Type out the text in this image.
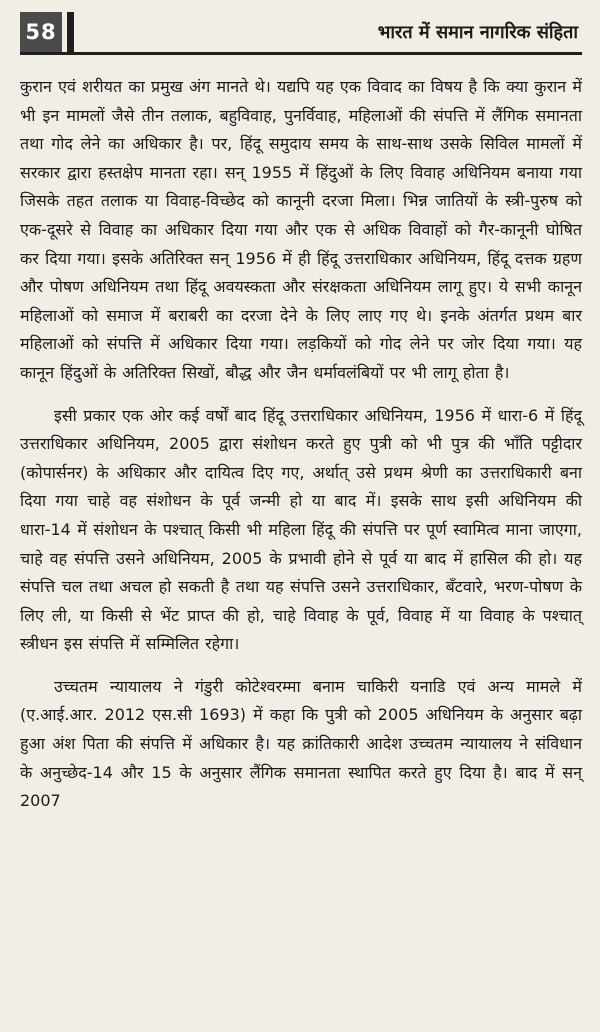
58	भारत में समान नागरिक संहिता

कुरान एवं शरीयत का प्रमुख अंग मानते थे। यद्यपि यह एक विवाद का विषय है कि क्या कुरान में भी इन मामलों जैसे तीन तलाक, बहुविवाह, पुनर्विवाह, महिलाओं की संपत्ति में लैंगिक समानता तथा गोद लेने का अधिकार है। पर, हिंदू समुदाय समय के साथ-साथ उसके सिविल मामलों में सरकार द्वारा हस्तक्षेप मानता रहा। सन् 1955 में हिंदुओं के लिए विवाह अधिनियम बनाया गया जिसके तहत तलाक या विवाह-विच्छेद को कानूनी दरजा मिला। भिन्न जातियों के स्त्री-पुरुष को एक-दूसरे से विवाह का अधिकार दिया गया और एक से अधिक विवाहों को गैर-कानूनी घोषित कर दिया गया। इसके अतिरिक्त सन् 1956 में ही हिंदू उत्तराधिकार अधिनियम, हिंदू दत्तक ग्रहण और पोषण अधिनियम तथा हिंदू अवयस्कता और संरक्षकता अधिनियम लागू हुए। ये सभी कानून महिलाओं को समाज में बराबरी का दरजा देने के लिए लाए गए थे। इनके अंतर्गत प्रथम बार महिलाओं को संपत्ति में अधिकार दिया गया। लड़कियों को गोद लेने पर जोर दिया गया। यह कानून हिंदुओं के अतिरिक्त सिखों, बौद्ध और जैन धर्मावलंबियों पर भी लागू होता है।

इसी प्रकार एक ओर कई वर्षों बाद हिंदू उत्तराधिकार अधिनियम, 1956 में धारा-6 में हिंदू उत्तराधिकार अधिनियम, 2005 द्वारा संशोधन करते हुए पुत्री को भी पुत्र की भाँति पट्टीदार (कोपार्सनर) के अधिकार और दायित्व दिए गए, अर्थात् उसे प्रथम श्रेणी का उत्तराधिकारी बना दिया गया चाहे वह संशोधन के पूर्व जन्मी हो या बाद में। इसके साथ इसी अधिनियम की धारा-14 में संशोधन के पश्चात् किसी भी महिला हिंदू की संपत्ति पर पूर्ण स्वामित्व माना जाएगा, चाहे वह संपत्ति उसने अधिनियम, 2005 के प्रभावी होने से पूर्व या बाद में हासिल की हो। यह संपत्ति चल तथा अचल हो सकती है तथा यह संपत्ति उसने उत्तराधिकार, बँटवारे, भरण-पोषण के लिए ली, या किसी से भेंट प्राप्त की हो, चाहे विवाह के पूर्व, विवाह में या विवाह के पश्चात् स्त्रीधन इस संपत्ति में सम्मिलित रहेगा।

उच्चतम न्यायालय ने गंडुरी कोटेश्वरम्मा बनाम चाकिरी यनाडि एवं अन्य मामले में (ए.आई.आर. 2012 एस.सी 1693) में कहा कि पुत्री को 2005 अधिनियम के अनुसार बढ़ा हुआ अंश पिता की संपत्ति में अधिकार है। यह क्रांतिकारी आदेश उच्चतम न्यायालय ने संविधान के अनुच्छेद-14 और 15 के अनुसार लैंगिक समानता स्थापित करते हुए दिया है। बाद में सन् 2007
